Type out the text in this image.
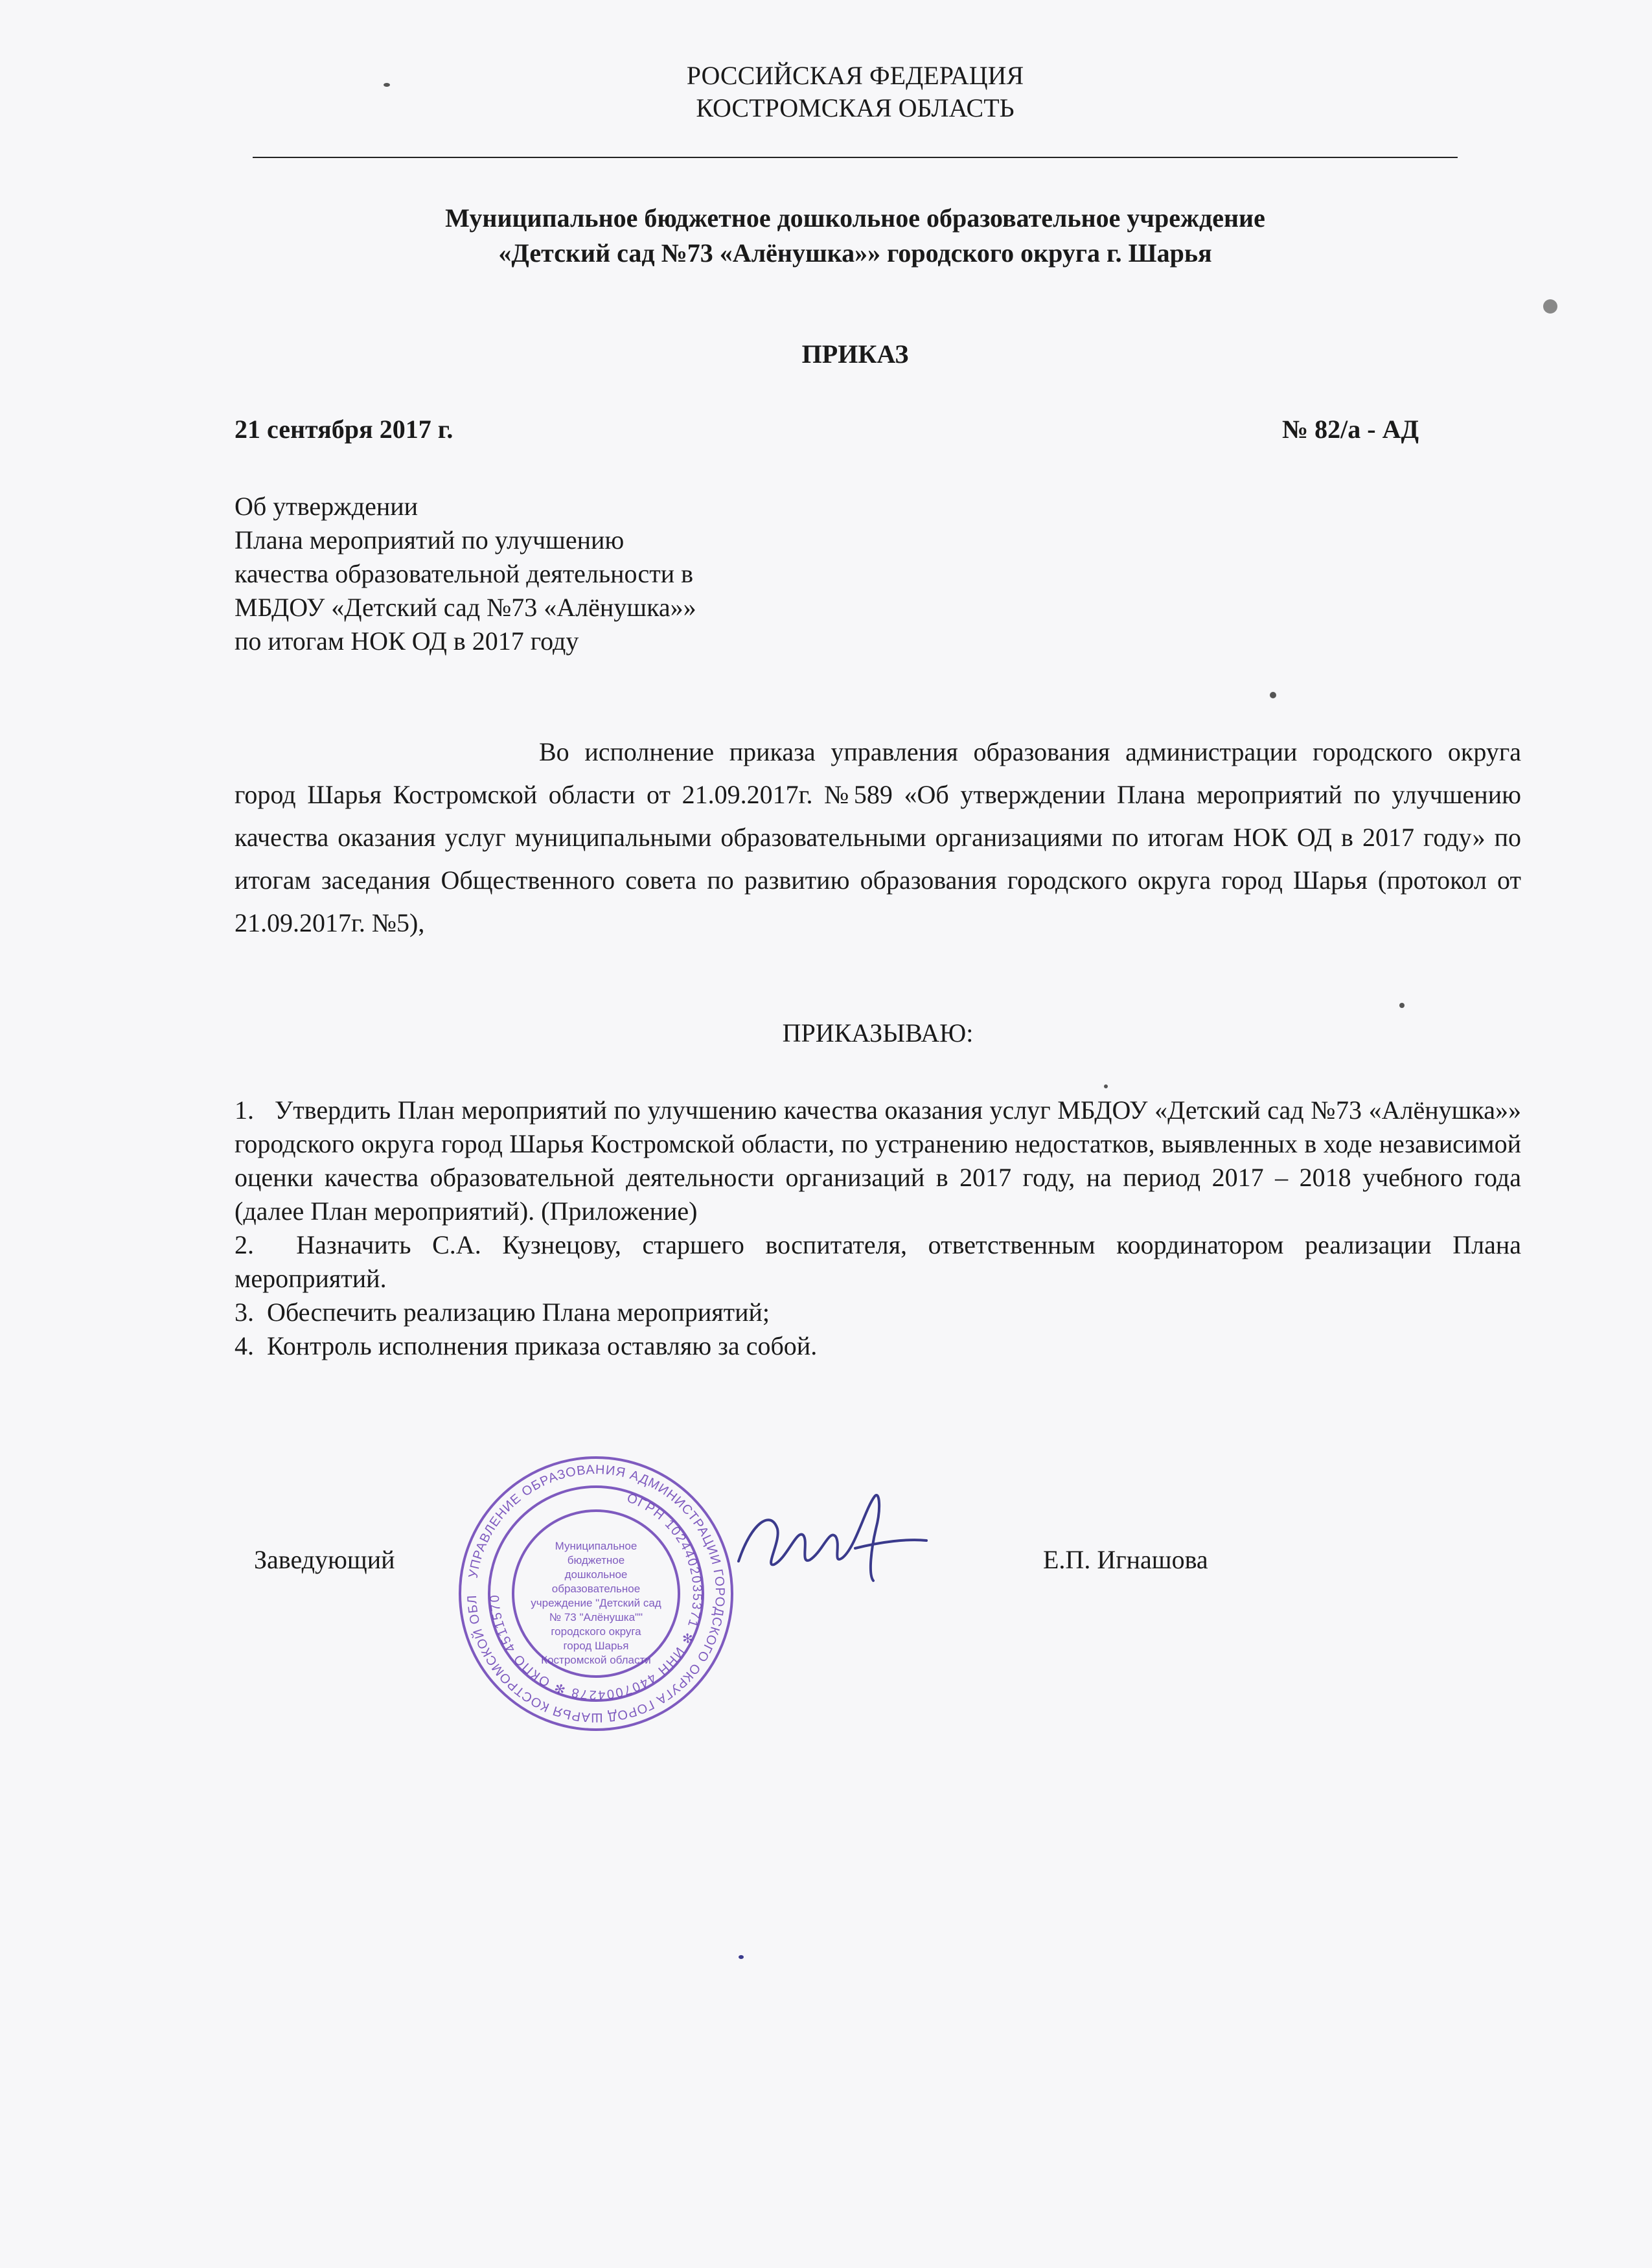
РОССИЙСКАЯ ФЕДЕРАЦИЯ
КОСТРОМСКАЯ ОБЛАСТЬ
Муниципальное бюджетное дошкольное образовательное учреждение
«Детский сад №73 «Алёнушка»» городского округа г. Шарья
ПРИКАЗ
21 сентября 2017 г.	№ 82/а - АД
Об утверждении
Плана мероприятий по улучшению
качества образовательной деятельности в
МБДОУ «Детский сад №73 «Алёнушка»»
по итогам НОК ОД в 2017 году
Во исполнение приказа управления образования администрации городского округа город Шарья Костромской области от 21.09.2017г. №589 «Об утверждении Плана мероприятий по улучшению качества оказания услуг муниципальными образовательными организациями по итогам НОК ОД в 2017 году» по итогам заседания Общественного совета по развитию образования городского округа город Шарья (протокол от 21.09.2017г. №5),
ПРИКАЗЫВАЮ:
1. Утвердить План мероприятий по улучшению качества оказания услуг МБДОУ «Детский сад №73 «Алёнушка»» городского округа город Шарья Костромской области, по устранению недостатков, выявленных в ходе независимой оценки качества образовательной деятельности организаций в 2017 году, на период 2017 – 2018 учебного года (далее План мероприятий). (Приложение)
2. Назначить С.А. Кузнецову, старшего воспитателя, ответственным координатором реализации Плана мероприятий.
3. Обеспечить реализацию Плана мероприятий;
4. Контроль исполнения приказа оставляю за собой.
Заведующий	Е.П. Игнашова
УПРАВЛЕНИЕ ОБРАЗОВАНИЯ АДМИНИСТРАЦИИ ГОРОДСКОГО ОКРУГА ГОРОД ШАРЬЯ КОСТРОМСКОЙ ОБЛ
ОГРН 1024402035371 ✻ ИНН 4407004278 ✻ ОКПО 4511570
Муниципальное
бюджетное
дошкольное
образовательное
учреждение "Детский сад
№ 73 "Алёнушка""
городского округа
город Шарья
Костромской области
